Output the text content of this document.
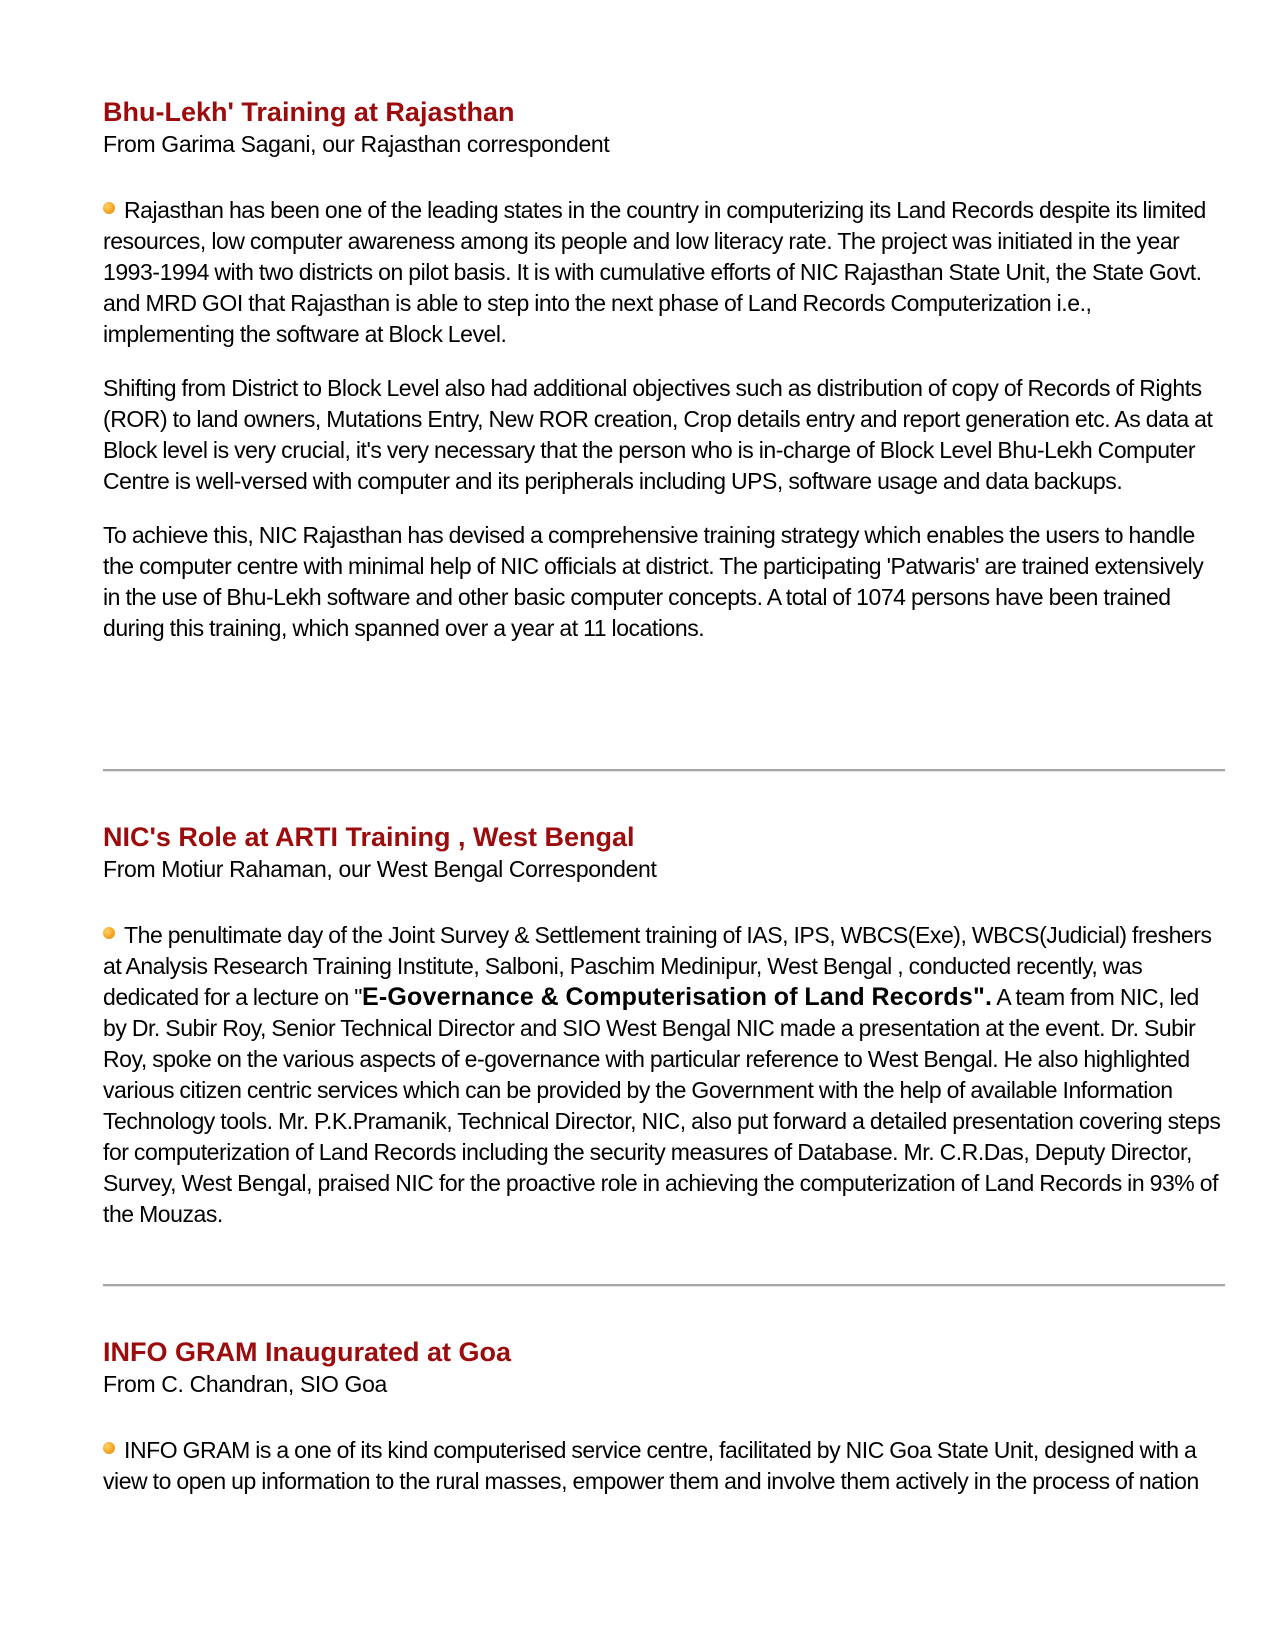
Bhu-Lekh' Training at Rajasthan

From Garima Sagani, our Rajasthan correspondent

Rajasthan has been one of the leading states in the country in computerizing its Land Records despite its limited resources, low computer awareness among its people and low literacy rate. The project was initiated in the year 1993-1994 with two districts on pilot basis. It is with cumulative efforts of NIC Rajasthan State Unit, the State Govt. and MRD GOI that Rajasthan is able to step into the next phase of Land Records Computerization i.e., implementing the software at Block Level.

Shifting from District to Block Level also had additional objectives such as distribution of copy of Records of Rights (ROR) to land owners, Mutations Entry, New ROR creation, Crop details entry and report generation etc. As data at Block level is very crucial, it's very necessary that the person who is in-charge of Block Level Bhu-Lekh Computer Centre is well-versed with computer and its peripherals including UPS, software usage and data backups.

To achieve this, NIC Rajasthan has devised a comprehensive training strategy which enables the users to handle the computer centre with minimal help of NIC officials at district. The participating 'Patwaris' are trained extensively in the use of Bhu-Lekh software and other basic computer concepts. A total of 1074 persons have been trained during this training, which spanned over a year at 11 locations.

NIC's Role at ARTI Training , West Bengal

From Motiur Rahaman, our West Bengal Correspondent

The penultimate day of the Joint Survey & Settlement training of IAS, IPS, WBCS(Exe), WBCS(Judicial) freshers at Analysis Research Training Institute, Salboni, Paschim Medinipur, West Bengal , conducted recently, was dedicated for a lecture on "E-Governance & Computerisation of Land Records". A team from NIC, led by Dr. Subir Roy, Senior Technical Director and SIO West Bengal NIC made a presentation at the event. Dr. Subir Roy, spoke on the various aspects of e-governance with particular reference to West Bengal. He also highlighted various citizen centric services which can be provided by the Government with the help of available Information Technology tools. Mr. P.K.Pramanik, Technical Director, NIC, also put forward a detailed presentation covering steps for computerization of Land Records including the security measures of Database. Mr. C.R.Das, Deputy Director, Survey, West Bengal, praised NIC for the proactive role in achieving the computerization of Land Records in 93% of the Mouzas.

INFO GRAM Inaugurated at Goa

From C. Chandran, SIO Goa

INFO GRAM is a one of its kind computerised service centre, facilitated by NIC Goa State Unit, designed with a view to open up information to the rural masses, empower them and involve them actively in the process of nation
